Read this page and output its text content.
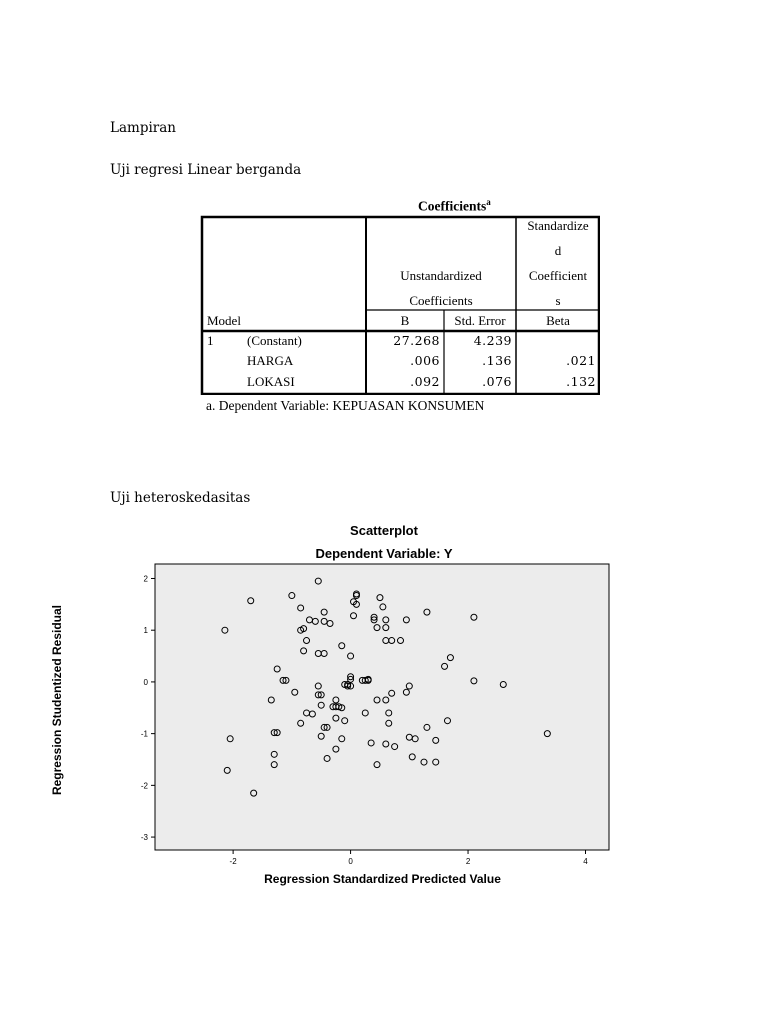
Lampiran

Uji regresi Linear berganda

Coefficients$^a$
Standardize
d
Coefficient
s
Unstandardized
Coefficients
Model	B	Std. Error	Beta
1	(Constant)	27.268	4.239
HARGA	.006	.136	.021
LOKASI	.092	.076	.132
a. Dependent Variable: KEPUASAN KONSUMEN

Uji heteroskedasitas

Scatterplot
Dependent Variable: Y
-2	0	2	4
2
1
0
-1
-2
-3
Regression Standardized Predicted Value
Regression Studentized Residual
